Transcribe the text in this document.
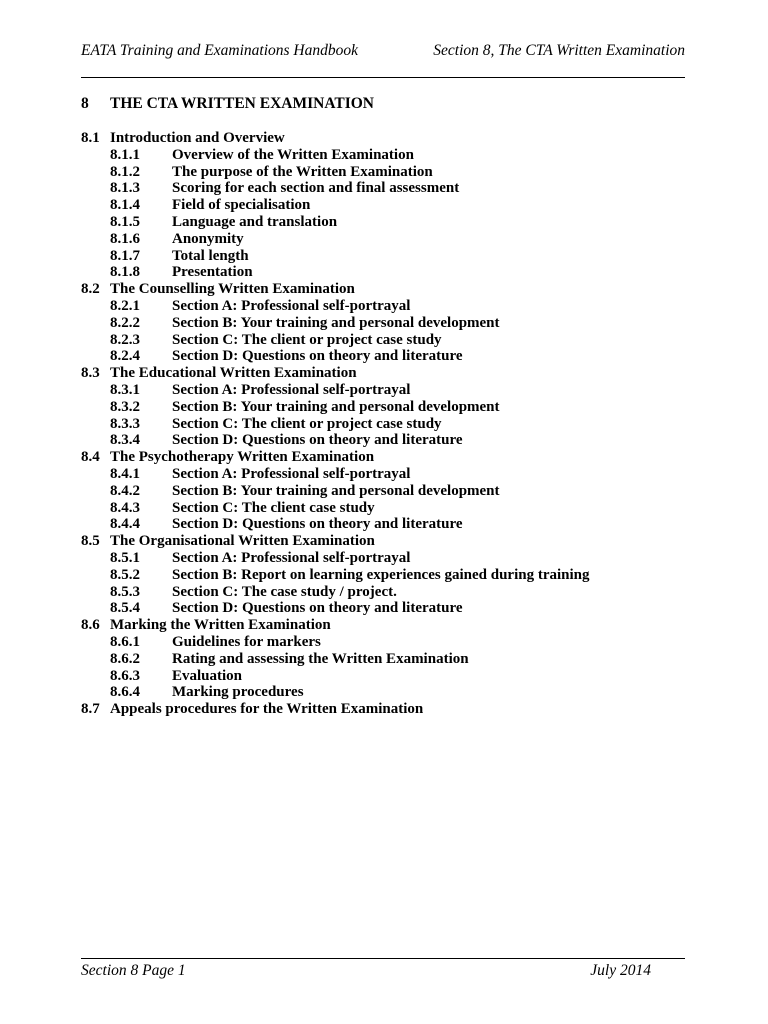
EATA Training and Examinations Handbook	Section 8, The CTA Written Examination
8 THE CTA WRITTEN EXAMINATION
8.1 Introduction and Overview
8.1.1 Overview of the Written Examination
8.1.2 The purpose of the Written Examination
8.1.3 Scoring for each section and final assessment
8.1.4 Field of specialisation
8.1.5 Language and translation
8.1.6 Anonymity
8.1.7 Total length
8.1.8 Presentation
8.2 The Counselling Written Examination
8.2.1 Section A: Professional self-portrayal
8.2.2 Section B: Your training and personal development
8.2.3 Section C: The client or project case study
8.2.4 Section D: Questions on theory and literature
8.3 The Educational Written Examination
8.3.1 Section A: Professional self-portrayal
8.3.2 Section B: Your training and personal development
8.3.3 Section C: The client or project case study
8.3.4 Section D: Questions on theory and literature
8.4 The Psychotherapy Written Examination
8.4.1 Section A: Professional self-portrayal
8.4.2 Section B: Your training and personal development
8.4.3 Section C: The client case study
8.4.4 Section D: Questions on theory and literature
8.5 The Organisational Written Examination
8.5.1 Section A: Professional self-portrayal
8.5.2 Section B: Report on learning experiences gained during training
8.5.3 Section C: The case study / project.
8.5.4 Section D: Questions on theory and literature
8.6 Marking the Written Examination
8.6.1 Guidelines for markers
8.6.2 Rating and assessing the Written Examination
8.6.3 Evaluation
8.6.4 Marking procedures
8.7 Appeals procedures for the Written Examination
Section 8 Page 1	July 2014
